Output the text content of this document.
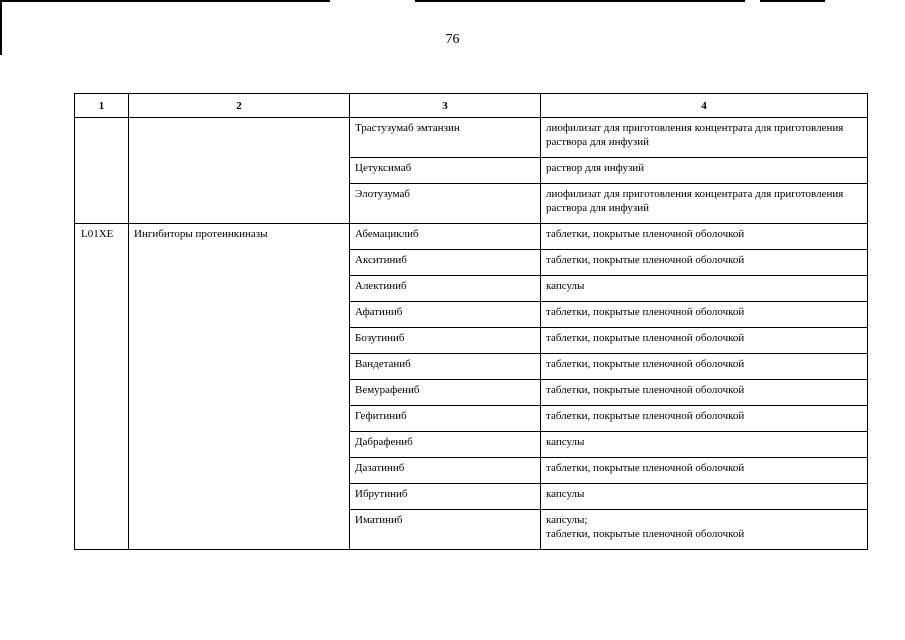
76
1	2	3	4
		Трастузумаб эмтанзин	лиофилизат для приготовления концентрата для приготовления раствора для инфузий
		Цетуксимаб	раствор для инфузий
		Элотузумаб	лиофилизат для приготовления концентрата для приготовления раствора для инфузий
L01XE	Ингибиторы протеинкиназы	Абемациклиб	таблетки, покрытые пленочной оболочкой
		Акситиниб	таблетки, покрытые пленочной оболочкой
		Алектиниб	капсулы
		Афатиниб	таблетки, покрытые пленочной оболочкой
		Бозутиниб	таблетки, покрытые пленочной оболочкой
		Вандетаниб	таблетки, покрытые пленочной оболочкой
		Вемурафениб	таблетки, покрытые пленочной оболочкой
		Гефитиниб	таблетки, покрытые пленочной оболочкой
		Дабрафениб	капсулы
		Дазатиниб	таблетки, покрытые пленочной оболочкой
		Ибрутиниб	капсулы
		Иматиниб	капсулы;
таблетки, покрытые пленочной оболочкой
